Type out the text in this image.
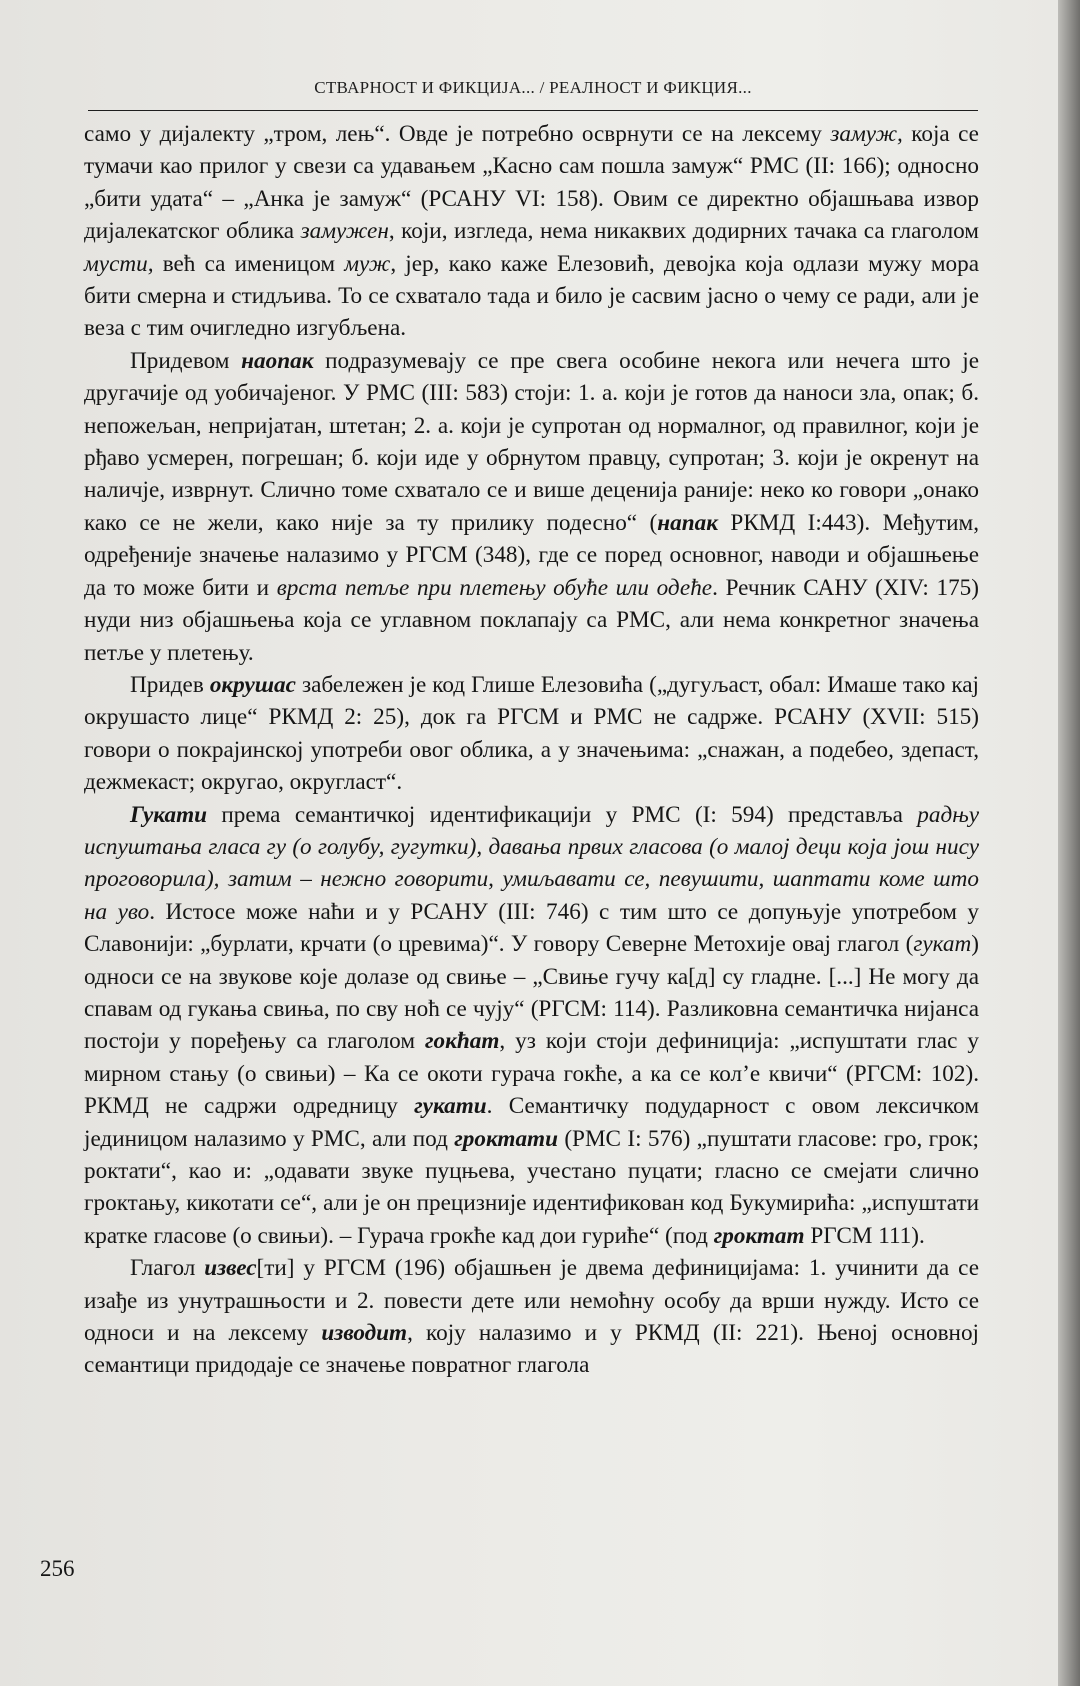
СТВАРНОСТ И ФИКЦИЈА... / РЕАЛНОСТ И ФИКЦИЯ...

само у дијалекту „тром, лењ“. Овде је потребно осврнути се на лексему замуж, која се тумачи као прилог у свези са удавањем „Касно сам пошла замуж“ РМС (II: 166); односно „бити удата“ – „Анка је замуж“ (РСАНУ VI: 158). Овим се директно објашњава извор дијалекатског облика замужен, који, изгледа, нема никаквих додирних тачака са глаголом мусти, већ са именицом муж, јер, како каже Елезовић, девојка која одлази мужу мора бити смерна и стидљива. То се схватало тада и било је сасвим јасно о чему се ради, али је веза с тим очигледно изгубљена.

Придевом наопак подразумевају се пре свега особине некога или нечега што је другачије од уобичајеног. У РМС (III: 583) стоји: 1. а. који је готов да наноси зла, опак; б. непожељан, непријатан, штетан; 2. а. који је супротан од нормалног, од правилног, који је рђаво усмерен, погрешан; б. који иде у обрнутом правцу, супротан; 3. који је окренут на наличје, изврнут. Слично томе схватало се и више деценија раније: неко ко говори „онако како се не жели, како није за ту прилику подесно“ (напак РКМД I:443). Међутим, одређеније значење налазимо у РГСМ (348), где се поред основног, наводи и објашњење да то може бити и врста петље при плетењу обуће или одеће. Речник САНУ (XIV: 175) нуди низ објашњења која се углавном поклапају са РМС, али нема конкретног значења петље у плетењу.

Придев окрушас забележен је код Глише Елезовића („дугуљаст, обал: Имаше тако кај окрушасто лице“ РКМД 2: 25), док га РГСМ и РМС не садрже. РСАНУ (XVII: 515) говори о покрајинској употреби овог облика, а у значењима: „снажан, а подебео, здепаст, дежмекаст; округао, округласт“.

Гукати према семантичкој идентификацији у РМС (I: 594) представља радњу испуштања гласа гу (о голубу, гугутки), давања првих гласова (о малој деци која још нису проговорила), затим – нежно говорити, умиљавати се, певушити, шаптати коме што на уво. Истосе може наћи и у РСАНУ (III: 746) с тим што се допуњује употребом у Славонији: „бурлати, крчати (о цревима)“. У говору Северне Метохије овај глагол (гукат) односи се на звукове које долазе од свиње – „Свиње гучу ка[д] су гладне. [...] Не могу да спавам од гукања свиња, по сву ноћ се чују“ (РГСМ: 114). Разликовна семантичка нијанса постоји у поређењу са глаголом гокћат, уз који стоји дефиниција: „испуштати глас у мирном стању (о свињи) – Ка се окоти гурача гокће, а ка се кол’е квичи“ (РГСМ: 102). РКМД не садржи одредницу гукати. Семантичку подударност с овом лексичком јединицом налазимо у РМС, али под гроктати (РМС I: 576) „пуштати гласове: гро, грок; роктати“, као и: „одавати звуке пуцњева, учестано пуцати; гласно се смејати слично гроктању, кикотати се“, али је он прецизније идентификован код Букумирића: „испуштати кратке гласове (о свињи). – Гурача грокће кад дои гуриће“ (под гроктат РГСМ 111).

Глагол извес[ти] у РГСМ (196) објашњен је двема дефиницијама: 1. учинити да се изађе из унутрашњости и 2. повести дете или немоћну особу да врши нужду. Исто се односи и на лексему изводит, коју налазимо и у РКМД (II: 221). Њеној основној семантици придодаје се значење повратног глагола

256
